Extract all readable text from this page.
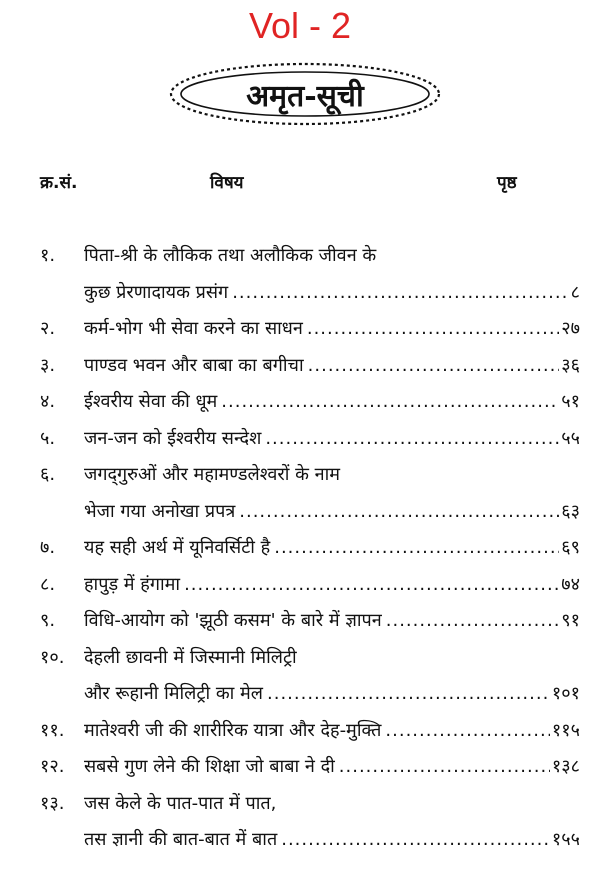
Vol - 2
अमृत-सूची
क्र.सं.	विषय	पृष्ठ
१.	पिता-श्री के लौकिक तथा अलौकिक जीवन के
कुछ प्रेरणादायक प्रसंग .....	८
२.	कर्म-भोग भी सेवा करने का साधन .....	२७
३.	पाण्डव भवन और बाबा का बगीचा .....	३६
४.	ईश्वरीय सेवा की धूम .....	५१
५.	जन-जन को ईश्वरीय सन्देश .....	५५
६.	जगद्‌गुरुओं और महामण्डलेश्वरों के नाम
भेजा गया अनोखा प्रपत्र .....	६३
७.	यह सही अर्थ में यूनिवर्सिटी है .....	६९
८.	हापुड़ में हंगामा .....	७४
९.	विधि-आयोग को 'झूठी कसम' के बारे में ज्ञापन .....	९१
१०.	देहली छावनी में जिस्मानी मिलिट्री
और रूहानी मिलिट्री का मेल .....	१०१
११.	मातेश्वरी जी की शारीरिक यात्रा और देह-मुक्ति .....	११५
१२.	सबसे गुण लेने की शिक्षा जो बाबा ने दी .....	१३८
१३.	जस केले के पात-पात में पात,
तस ज्ञानी की बात-बात में बात .....	१५५
